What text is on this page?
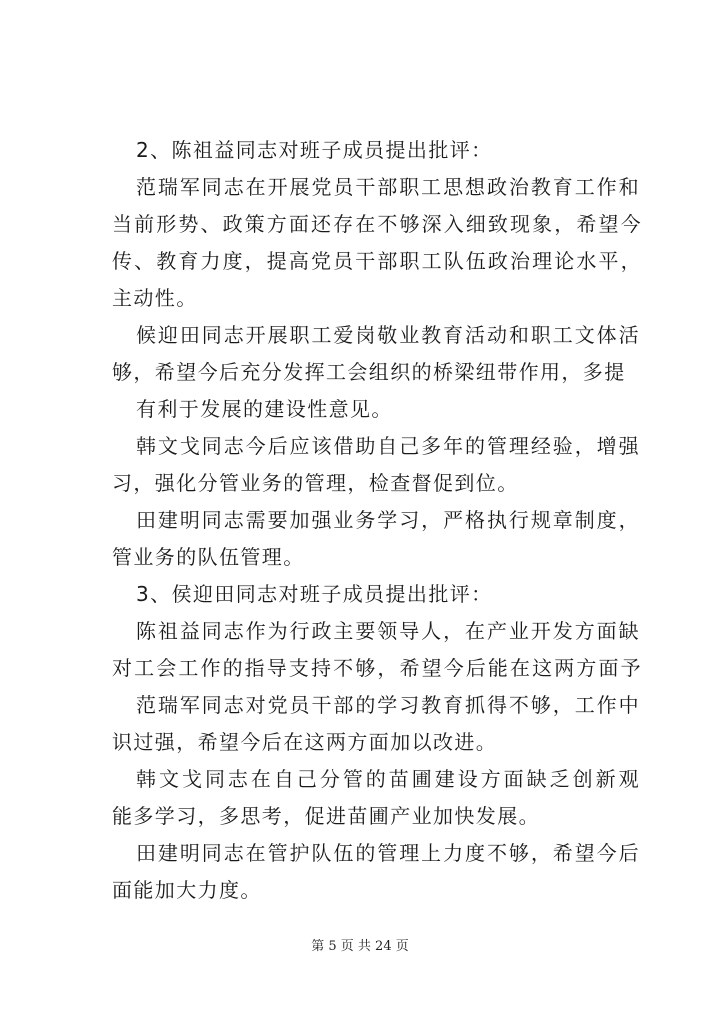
2、陈祖益同志对班子成员提出批评：
范瑞军同志在开展党员干部职工思想政治教育工作和
当前形势、政策方面还存在不够深入细致现象，希望今
传、教育力度，提高党员干部职工队伍政治理论水平，
主动性。
候迎田同志开展职工爱岗敬业教育活动和职工文体活
够，希望今后充分发挥工会组织的桥梁纽带作用，多提
有利于发展的建设性意见。
韩文戈同志今后应该借助自己多年的管理经验，增强
习，强化分管业务的管理，检查督促到位。
田建明同志需要加强业务学习，严格执行规章制度，
管业务的队伍管理。
3、侯迎田同志对班子成员提出批评：
陈祖益同志作为行政主要领导人，在产业开发方面缺
对工会工作的指导支持不够，希望今后能在这两方面予
范瑞军同志对党员干部的学习教育抓得不够，工作中
识过强，希望今后在这两方面加以改进。
韩文戈同志在自己分管的苗圃建设方面缺乏创新观
能多学习，多思考，促进苗圃产业加快发展。
田建明同志在管护队伍的管理上力度不够，希望今后
面能加大力度。
第 5 页 共 24 页
